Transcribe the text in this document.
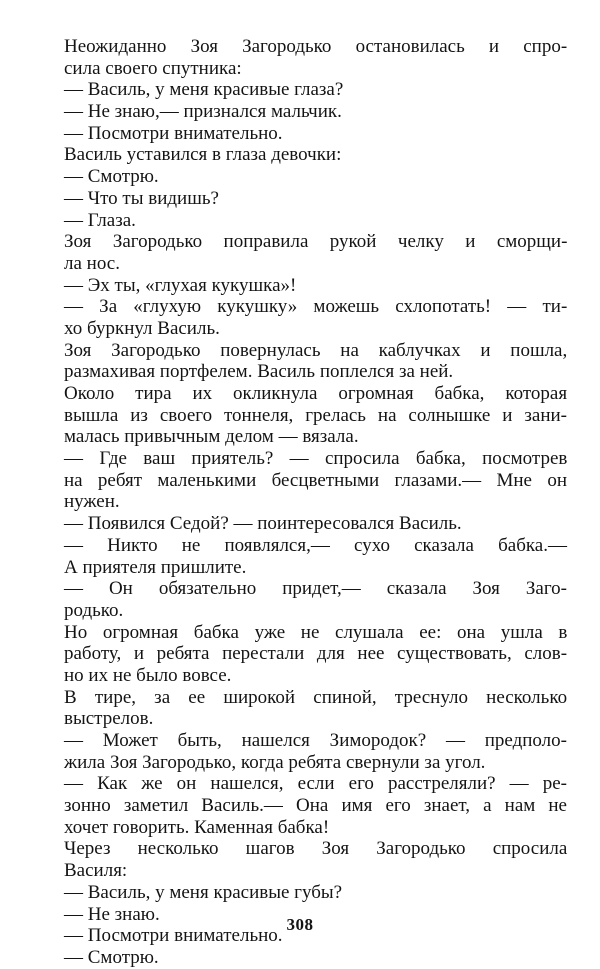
Неожиданно Зоя Загородько остановилась и спро-
сила своего спутника:
— Василь, у меня красивые глаза?
— Не знаю,— признался мальчик.
— Посмотри внимательно.
Василь уставился в глаза девочки:
— Смотрю.
— Что ты видишь?
— Глаза.
Зоя Загородько поправила рукой челку и сморщи-
ла нос.
— Эх ты, «глухая кукушка»!
— За «глухую кукушку» можешь схлопотать! — ти-
хо буркнул Василь.
Зоя Загородько повернулась на каблучках и пошла,
размахивая портфелем. Василь поплелся за ней.
Около тира их окликнула огромная бабка, которая
вышла из своего тоннеля, грелась на солнышке и зани-
малась привычным делом — вязала.
— Где ваш приятель? — спросила бабка, посмотрев
на ребят маленькими бесцветными глазами.— Мне он
нужен.
— Появился Седой? — поинтересовался Василь.
— Никто не появлялся,— сухо сказала бабка.—
А приятеля пришлите.
— Он обязательно придет,— сказала Зоя Заго-
родько.
Но огромная бабка уже не слушала ее: она ушла в
работу, и ребята перестали для нее существовать, слов-
но их не было вовсе.
В тире, за ее широкой спиной, треснуло несколько
выстрелов.
— Может быть, нашелся Зимородок? — предполо-
жила Зоя Загородько, когда ребята свернули за угол.
— Как же он нашелся, если его расстреляли? — ре-
зонно заметил Василь.— Она имя его знает, а нам не
хочет говорить. Каменная бабка!
Через несколько шагов Зоя Загородько спросила
Василя:
— Василь, у меня красивые губы?
— Не знаю.
— Посмотри внимательно.
— Смотрю.
308
